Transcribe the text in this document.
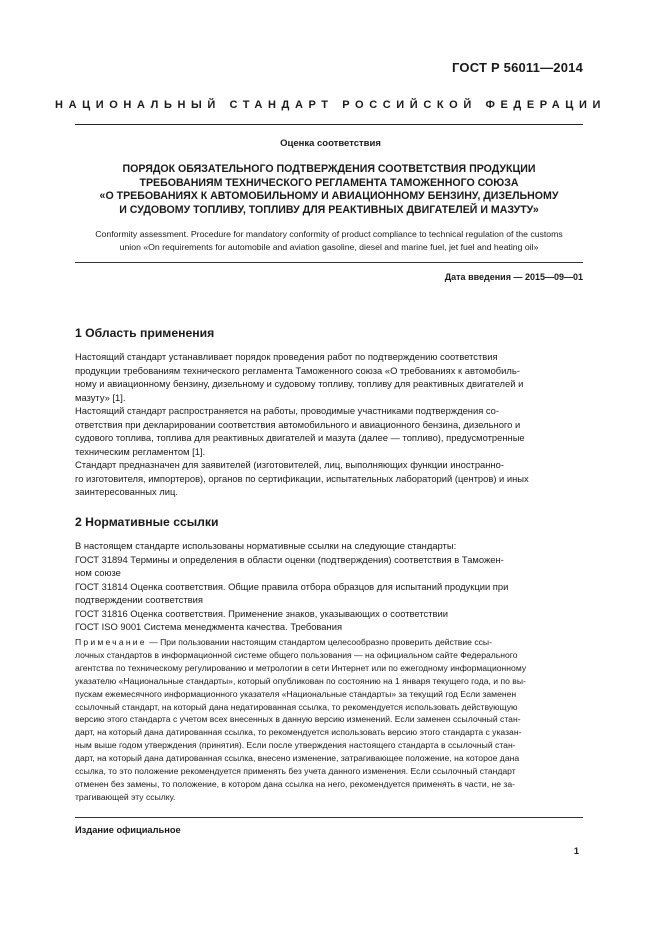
ГОСТ Р 56011—2014
НАЦИОНАЛЬНЫЙ СТАНДАРТ РОССИЙСКОЙ ФЕДЕРАЦИИ
Оценка соответствия
ПОРЯДОК ОБЯЗАТЕЛЬНОГО ПОДТВЕРЖДЕНИЯ СООТВЕТСТВИЯ ПРОДУКЦИИ
ТРЕБОВАНИЯМ ТЕХНИЧЕСКОГО РЕГЛАМЕНТА ТАМОЖЕННОГО СОЮЗА
«О ТРЕБОВАНИЯХ К АВТОМОБИЛЬНОМУ И АВИАЦИОННОМУ БЕНЗИНУ, ДИЗЕЛЬНОМУ
И СУДОВОМУ ТОПЛИВУ, ТОПЛИВУ ДЛЯ РЕАКТИВНЫХ ДВИГАТЕЛЕЙ И МАЗУТУ»
Conformity assessment. Procedure for mandatory conformity of product compliance to technical regulation of the customs
union «On requirements for automobile and aviation gasoline, diesel and marine fuel, jet fuel and heating oil»
Дата введения — 2015—09—01
1 Область применения
Настоящий стандарт устанавливает порядок проведения работ по подтверждению соответствия
продукции требованиям технического регламента Таможенного союза «О требованиях к автомобиль-
ному и авиационному бензину, дизельному и судовому топливу, топливу для реактивных двигателей и
мазуту» [1].
Настоящий стандарт распространяется на работы, проводимые участниками подтверждения со-
ответствия при декларировании соответствия автомобильного и авиационного бензина, дизельного и
судового топлива, топлива для реактивных двигателей и мазута (далее — топливо), предусмотренные
техническим регламентом [1].
Стандарт предназначен для заявителей (изготовителей, лиц, выполняющих функции иностранно-
го изготовителя, импортеров), органов по сертификации, испытательных лабораторий (центров) и иных
заинтересованных лиц.
2 Нормативные ссылки
В настоящем стандарте использованы нормативные ссылки на следующие стандарты:
ГОСТ 31894 Термины и определения в области оценки (подтверждения) соответствия в Таможен-
ном союзе
ГОСТ 31814 Оценка соответствия. Общие правила отбора образцов для испытаний продукции при
подтверждении соответствия
ГОСТ 31816 Оценка соответствия. Применение знаков, указывающих о соответствии
ГОСТ ISO 9001 Система менеджмента качества. Требования
Примечание — При пользовании настоящим стандартом целесообразно проверить действие ссы-
лочных стандартов в информационной системе общего пользования — на официальном сайте Федерального
агентства по техническому регулированию и метрологии в сети Интернет или по ежегодному информационному
указателю «Национальные стандарты», который опубликован по состоянию на 1 января текущего года, и по вы-
пускам ежемесячного информационного указателя «Национальные стандарты» за текущий год Если заменен
ссылочный стандарт, на который дана недатированная ссылка, то рекомендуется использовать действующую
версию этого стандарта с учетом всех внесенных в данную версию изменений. Если заменен ссылочный стан-
дарт, на который дана датированная ссылка, то рекомендуется использовать версию этого стандарта с указан-
ным выше годом утверждения (принятия). Если после утверждения настоящего стандарта в ссылочный стан-
дарт, на который дана датированная ссылка, внесено изменение, затрагивающее положение, на которое дана
ссылка, то это положение рекомендуется применять без учета данного изменения. Если ссылочный стандарт
отменен без замены, то положение, в котором дана ссылка на него, рекомендуется применять в части, не за-
трагивающей эту ссылку.
Издание официальное
1
